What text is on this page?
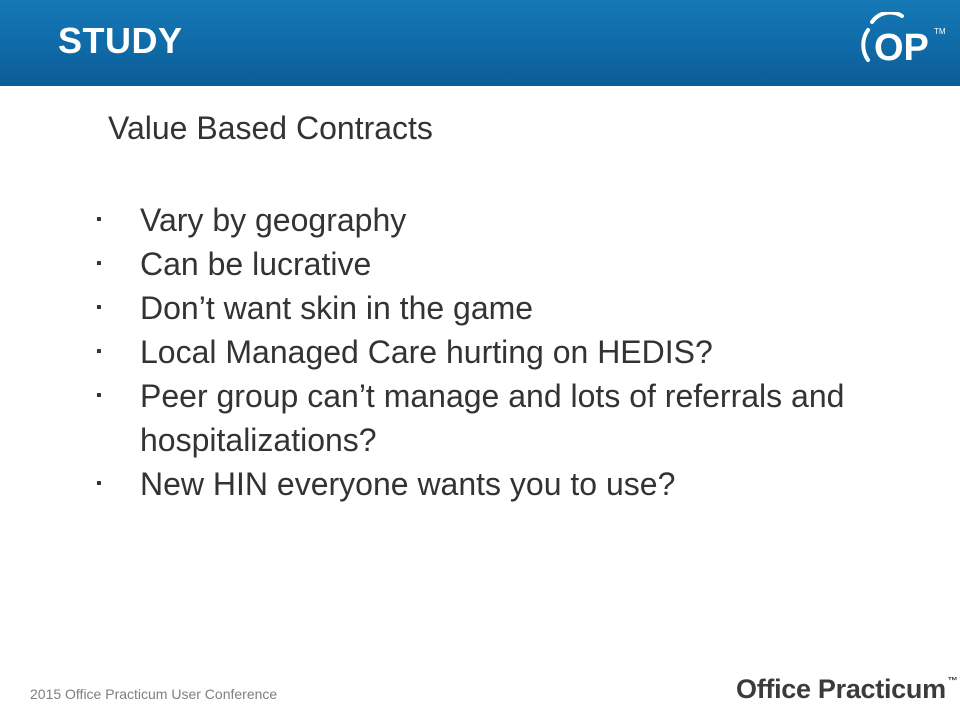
STUDY	OP TM
Value Based Contracts
▪ Vary by geography
▪ Can be lucrative
▪ Don’t want skin in the game
▪ Local Managed Care hurting on HEDIS?
▪ Peer group can’t manage and lots of referrals and hospitalizations?
▪ New HIN everyone wants you to use?
2015 Office Practicum User Conference	Office Practicum ™
